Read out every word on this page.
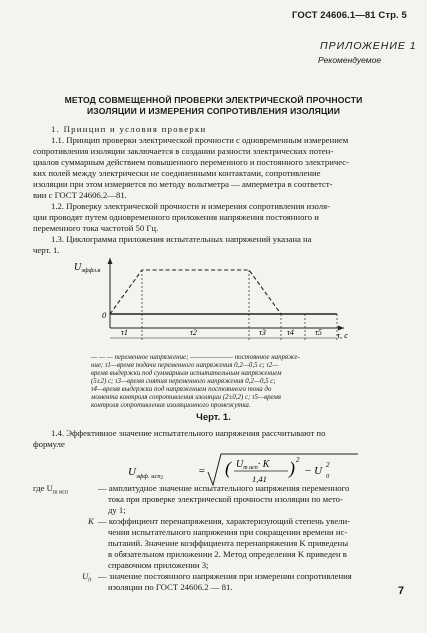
ГОСТ 24606.1—81 Стр. 5
ПРИЛОЖЕНИЕ 1
Рекомендуемое
МЕТОД СОВМЕЩЕННОЙ ПРОВЕРКИ ЭЛЕКТРИЧЕСКОЙ ПРОЧНОСТИ
ИЗОЛЯЦИИ И ИЗМЕРЕНИЯ СОПРОТИВЛЕНИЯ ИЗОЛЯЦИИ
1. Принцип и условия проверки
1.1. Принцип проверки электрической прочности с одновременным измерением
сопротивления изоляции заключается в создании разности электрических потен-
циалов суммарным действием повышенного переменного и постоянного электричес-
ких полей между электрически не соединенными контактами, сопротивление
изоляции при этом измеряется по методу вольтметра — амперметра в соответст-
вии с ГОСТ 24606.2—81.
1.2. Проверку электрической прочности и измерения сопротивления изоля-
ции проводят путем одновременного приложения напряжения постоянного и
переменного тока частотой 50 Гц.
1.3. Циклограмма приложения испытательных напряжений указана на
черт. 1.
$U_{эффл.в}$
0
τ, с
τ1	τ2	τ3	τ4	τ5
— — — переменное напряжение; ——————— постоянное напряже-
ние; τ1—время подачи переменного напряжения 0,2—0,5 с; τ2—
время выдержки под суммарным испытательным напряжением
(5±2) с; τ3—время снятия переменного напряжения 0,2—0,5 с;
τ4—время выдержки под напряжением постоянного тока до
момента контроля сопротивления изоляции (2±0,2) с; τ5—время
контроля сопротивления изоляционного промежутка.
Черт. 1.
1.4. Эффективное значение испытательного напряжения рассчитывают по
формуле
$U_{эфф. исп}2$
= ( $U_{m исп}\cdot K$
1,41
) 2
− U 0
2
где $U_{m исп}$	— амплитудное значение испытательного напряжения переменного
тока при проверке электрической прочности изоляции по мето-
ду 1;
K — коэффициент перенапряжения, характеризующий степень увели-
чения испытательного напряжения при сокращении времени ис-
пытаний. Значение коэффициента перенапряжения K приведены
в обязательном приложении 2. Метод определения K приведен в
справочном приложении 3;
$U_0$ — значение постоянного напряжения при измерении сопротивления
изоляции по ГОСТ 24606.2 — 81.	7
